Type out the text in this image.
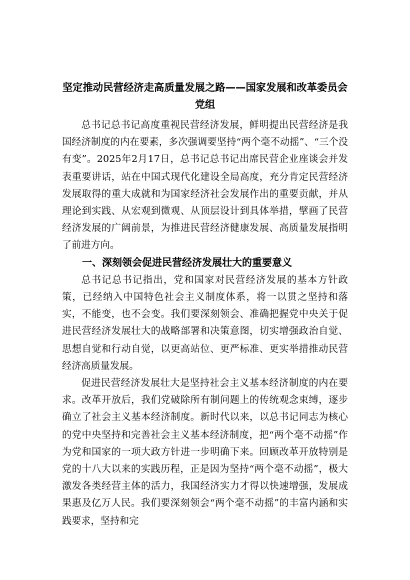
坚定推动民营经济走高质量发展之路——国家发展和改革委员会党组

总书记总书记高度重视民营经济发展，鲜明提出民营经济是我国经济制度的内在要素，多次强调要坚持“两个毫不动摇”、“三个没有变”。2025年2月17日，总书记总书记出席民营企业座谈会并发表重要讲话，站在中国式现代化建设全局高度，充分肯定民营经济发展取得的重大成就和为国家经济社会发展作出的重要贡献，并从理论到实践、从宏观到微观、从顶层设计到具体举措，擘画了民营经济发展的广阔前景，为推进民营经济健康发展、高质量发展指明了前进方向。

一、深刻领会促进民营经济发展壮大的重要意义

总书记总书记指出，党和国家对民营经济发展的基本方针政策，已经纳入中国特色社会主义制度体系，将一以贯之坚持和落实，不能变，也不会变。我们要深刻领会、准确把握党中央关于促进民营经济发展壮大的战略部署和决策意图，切实增强政治自觉、思想自觉和行动自觉，以更高站位、更严标准、更实举措推动民营经济高质量发展。

促进民营经济发展壮大是坚持社会主义基本经济制度的内在要求。改革开放后，我们党破除所有制问题上的传统观念束缚，逐步确立了社会主义基本经济制度。新时代以来，以总书记同志为核心的党中央坚持和完善社会主义基本经济制度，把“两个毫不动摇”作为党和国家的一项大政方针进一步明确下来。回顾改革开放特别是党的十八大以来的实践历程，正是因为坚持“两个毫不动摇”，极大激发各类经营主体的活力，我国经济实力才得以快速增强，发展成果惠及亿万人民。我们要深刻领会“两个毫不动摇”的丰富内涵和实践要求，坚持和完
